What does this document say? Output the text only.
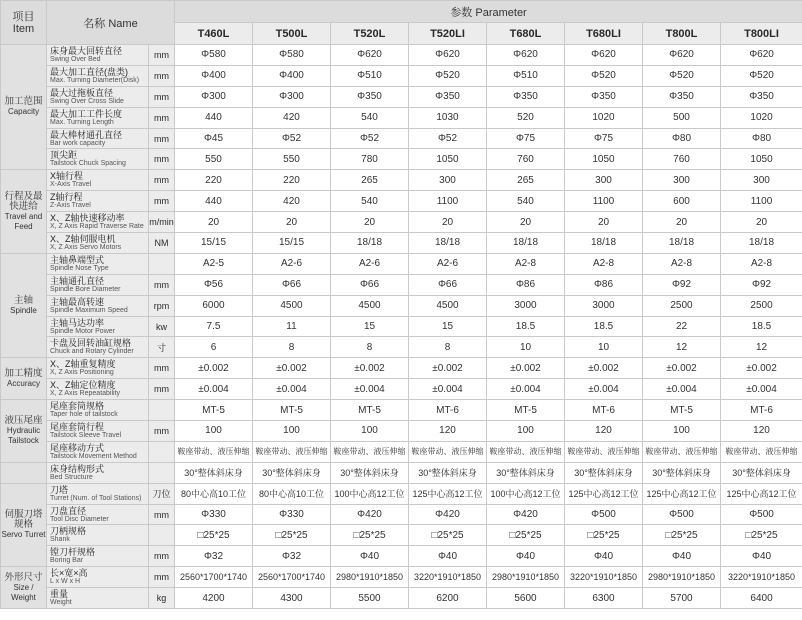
项目
Item	名称 Name		参数 Parameter							
			T460L	T500L	T520L	T520LI	T680L	T680LI	T800L	T800LI

加工范围
Capacity	床身最大回转直径
Swing Over Bed	mm	Φ580	Φ580	Φ620	Φ620	Φ620	Φ620	Φ620	Φ620

	最大加工直径(盘类)
Max. Turning Diameter(Disk)	mm	Φ400	Φ400	Φ510	Φ520	Φ510	Φ520	Φ520	Φ520

	最大过拖板直径
Swing Over Cross Slide	mm	Φ300	Φ300	Φ350	Φ350	Φ350	Φ350	Φ350	Φ350

	最大加工工件长度
Max. Turning Length	mm	440	420	540	1030	520	1020	500	1020

	最大棒材通孔直径
Bar work capacity	mm	Φ45	Φ52	Φ52	Φ52	Φ75	Φ75	Φ80	Φ80

	顶尖距
Tailstock Chuck Spacing	mm	550	550	780	1050	760	1050	760	1050

行程及最快进给
Travel and Feed	X轴行程
X-Axis Travel	mm	220	220	265	300	265	300	300	300

	Z轴行程
Z-Axis Travel	mm	440	420	540	1100	540	1100	600	1100

	X、Z轴快速移动率
X, Z Axis Rapid Traverse Rate	m/min	20	20	20	20	20	20	20	20

	X、Z轴伺服电机
X, Z Axis Servo Motors	NM	15/15	15/15	18/18	18/18	18/18	18/18	18/18	18/18

主轴
Spindle	主轴鼻端型式
Spindle Nose Type		A2-5	A2-6	A2-6	A2-6	A2-8	A2-8	A2-8	A2-8

	主轴通孔直径
Spindle Bore Diameter	mm	Φ56	Φ66	Φ66	Φ66	Φ86	Φ86	Φ92	Φ92

	主轴最高转速
Spindle Maximum Speed	rpm	6000	4500	4500	4500	3000	3000	2500	2500

	主轴马达功率
Spindle Motor Power	kw	7.5	11	15	15	18.5	18.5	22	18.5

	卡盘及回转油缸规格
Chuck and Rotary Cylinder	寸	6	8	8	8	10	10	12	12

加工精度
Accuracy	X、Z轴重复精度
X, Z Axis Positioning	mm	±0.002	±0.002	±0.002	±0.002	±0.002	±0.002	±0.002	±0.002

	X、Z轴定位精度
X, Z Axis Repeatability	mm	±0.004	±0.004	±0.004	±0.004	±0.004	±0.004	±0.004	±0.004

液压尾座
Hydraulic Tailstock	尾座套筒规格
Taper hole of tailstock		MT-5	MT-5	MT-5	MT-6	MT-5	MT-6	MT-5	MT-6

	尾座套筒行程
Tailstock Sleeve Travel	mm	100	100	100	120	100	120	100	120

	尾座移动方式
Tailstock Movement Method		鞍座带动、液压伸缩	鞍座带动、液压伸缩	鞍座带动、液压伸缩	鞍座带动、液压伸缩	鞍座带动、液压伸缩	鞍座带动、液压伸缩	鞍座带动、液压伸缩	鞍座带动、液压伸缩

	床身结构形式
Bed Structure		30°整体斜床身	30°整体斜床身	30°整体斜床身	30°整体斜床身	30°整体斜床身	30°整体斜床身	30°整体斜床身	30°整体斜床身

伺服刀塔规格
Servo Turret	刀塔
Turret (Num. of Tool Stations)	刀位	80中心高10工位	80中心高10工位	100中心高12工位	125中心高12工位	100中心高12工位	125中心高12工位	125中心高12工位	125中心高12工位

	刀盘直径
Tool Disc Diameter	mm	Φ330	Φ330	Φ420	Φ420	Φ420	Φ500	Φ500	Φ500

	刀柄规格
Shank		□25*25	□25*25	□25*25	□25*25	□25*25	□25*25	□25*25	□25*25

	镗刀杆规格
Boring Bar	mm	Φ32	Φ32	Φ40	Φ40	Φ40	Φ40	Φ40	Φ40

外形尺寸
Size / Weight	长×宽×高
L x W x H	mm	2560*1700*1740	2560*1700*1740	2980*1910*1850	3220*1910*1850	2980*1910*1850	3220*1910*1850	2980*1910*1850	3220*1910*1850

	重量
Weight	kg	4200	4300	5500	6200	5600	6300	5700	6400
